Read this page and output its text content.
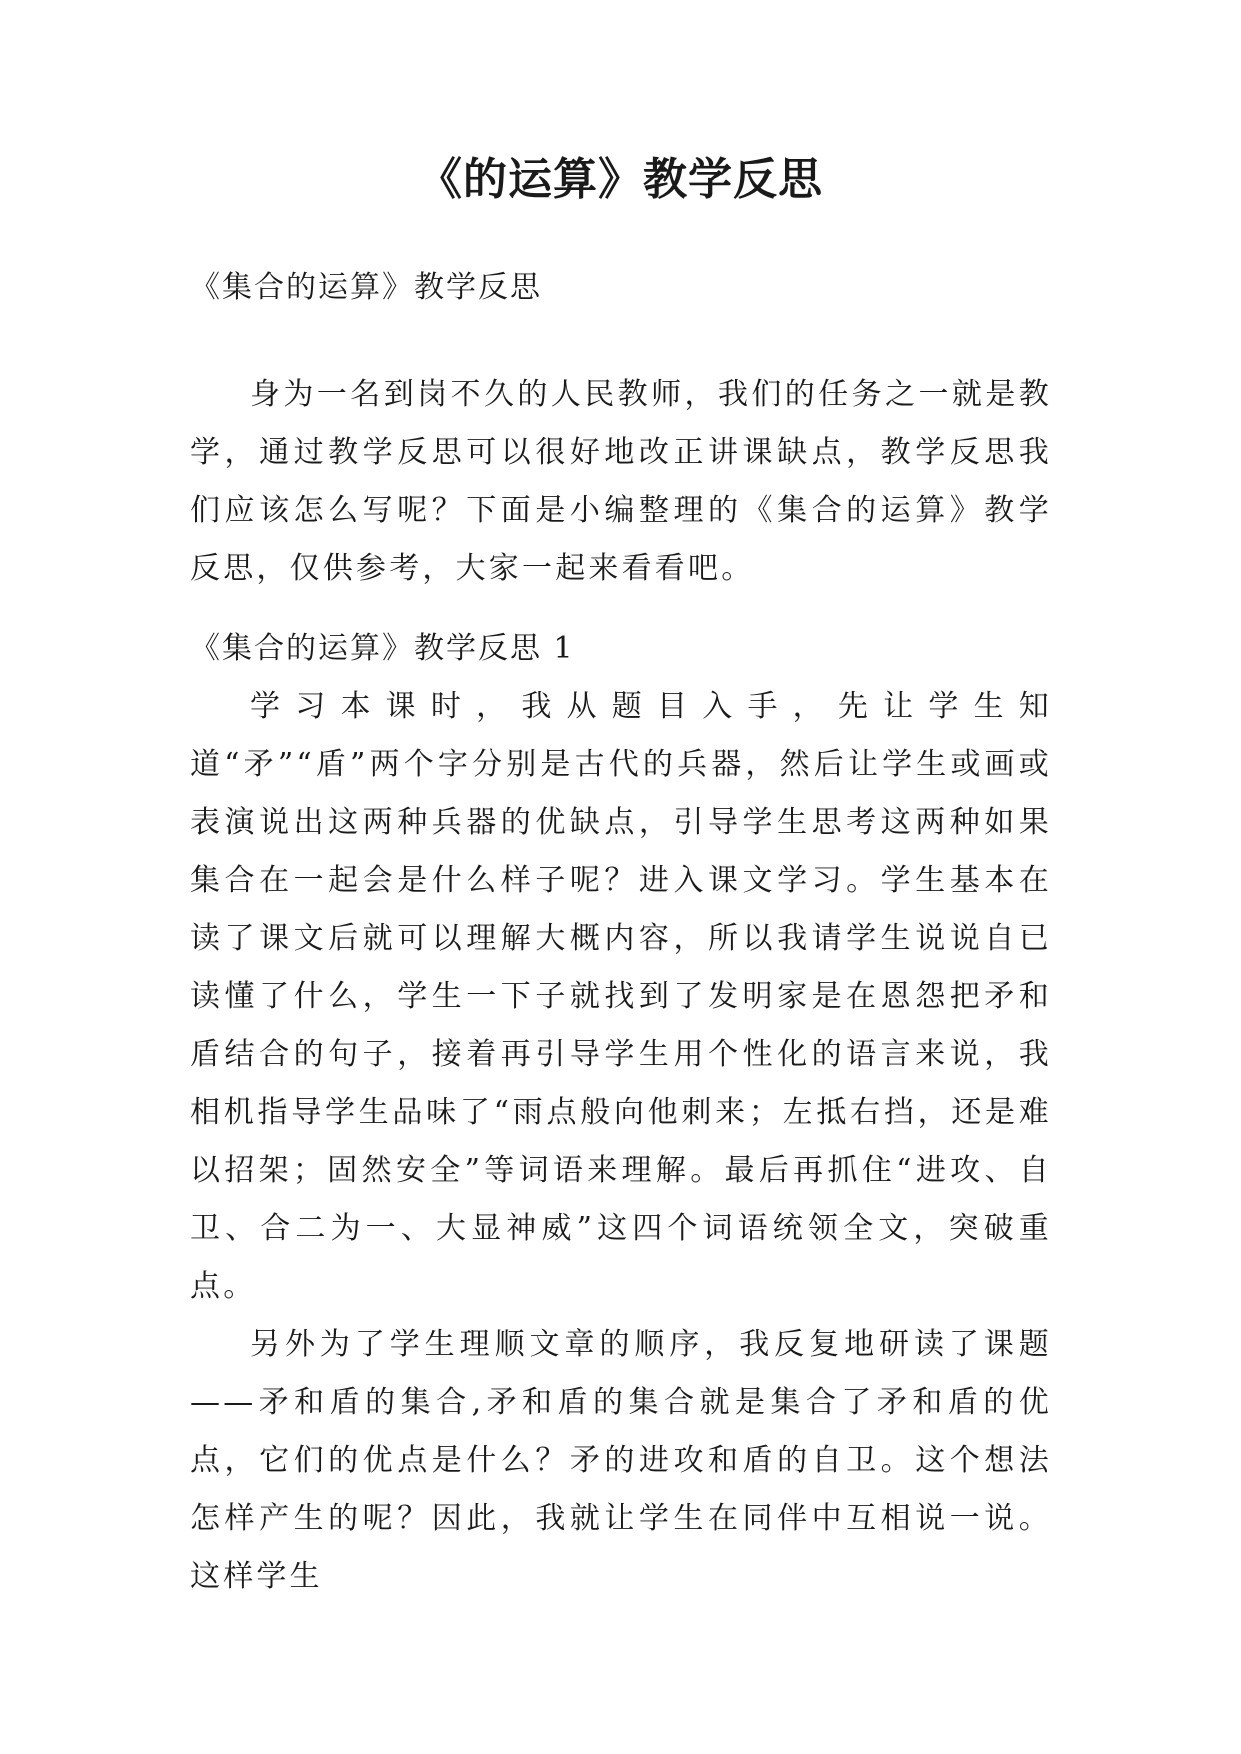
《的运算》教学反思

《集合的运算》教学反思

身为一名到岗不久的人民教师，我们的任务之一就是教学，通过教学反思可以很好地改正讲课缺点，教学反思我们应该怎么写呢？下面是小编整理的《集合的运算》教学反思，仅供参考，大家一起来看看吧。

《集合的运算》教学反思 1

学习本课时，我从题目入手，先让学生知道“矛”“盾”两个字分别是古代的兵器，然后让学生或画或表演说出这两种兵器的优缺点，引导学生思考这两种如果集合在一起会是什么样子呢？进入课文学习。学生基本在读了课文后就可以理解大概内容，所以我请学生说说自已读懂了什么，学生一下子就找到了发明家是在恩怨把矛和盾结合的句子，接着再引导学生用个性化的语言来说，我相机指导学生品味了“雨点般向他刺来；左抵右挡，还是难以招架；固然安全”等词语来理解。最后再抓住“进攻、自卫、合二为一、大显神威”这四个词语统领全文，突破重点。

另外为了学生理顺文章的顺序，我反复地研读了课题——矛和盾的集合,矛和盾的集合就是集合了矛和盾的优点，它们的优点是什么？矛的进攻和盾的自卫。这个想法怎样产生的呢？因此，我就让学生在同伴中互相说一说。这样学生
